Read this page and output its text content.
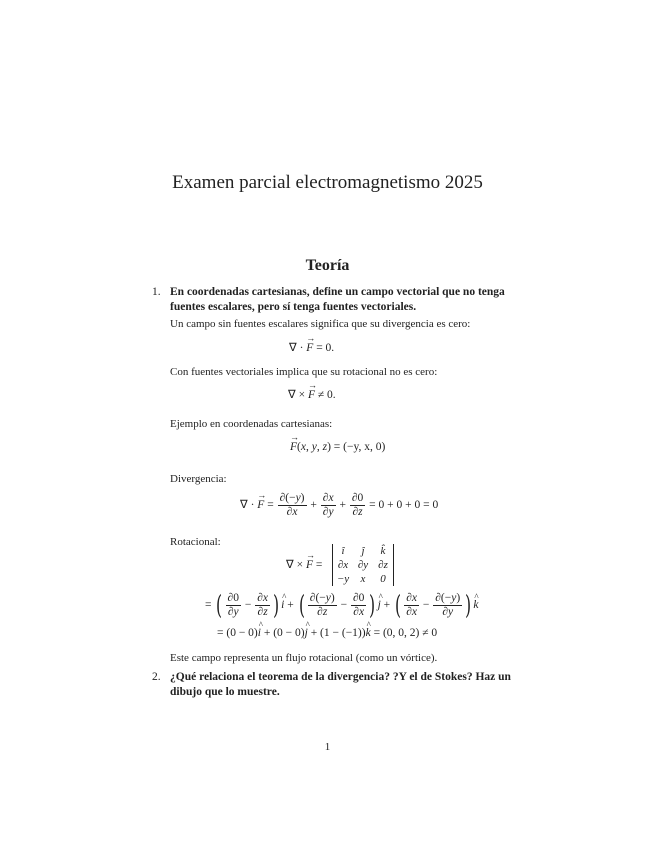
Examen parcial electromagnetismo 2025
Teoría
1. En coordenadas cartesianas, define un campo vectorial que no tenga fuentes escalares, pero sí tenga fuentes vectoriales.
Un campo sin fuentes escalares significa que su divergencia es cero:
∇ · → F = 0.
Con fuentes vectoriales implica que su rotacional no es cero:
∇ × → F ≠ 0.
Ejemplo en coordenadas cartesianas:
→ F(x, y, z) = (−y, x, 0)
Divergencia:
∇ · → $F = \frac{\partial(-y)}{\partial x} + \frac{\partial x}{\partial y} + \frac{\partial 0}{\partial z} = 0 + 0 + 0 = 0$
Rotacional:
∇ × → F =
î	ĵ	k̂
∂x ∂y ∂z
−y	x	0
= ( $\frac{\partial 0}{\partial y} - \frac{\partial x}{\partial z}$ ) ^ i + ( $\frac{\partial(-y)}{\partial z} - \frac{\partial 0}{\partial x}$ ) ^ j + ( $\frac{\partial x}{\partial x} - \frac{\partial(-y)}{\partial y}$ ) ^ k
= (0 − 0)^ i + (0 − 0)^ j + (1 − (−1))^ k = (0, 0, 2) ≠ 0
Este campo representa un flujo rotacional (como un vórtice).
2. ¿Qué relaciona el teorema de la divergencia? ?Y el de Stokes? Haz un dibujo que lo muestre.
1
